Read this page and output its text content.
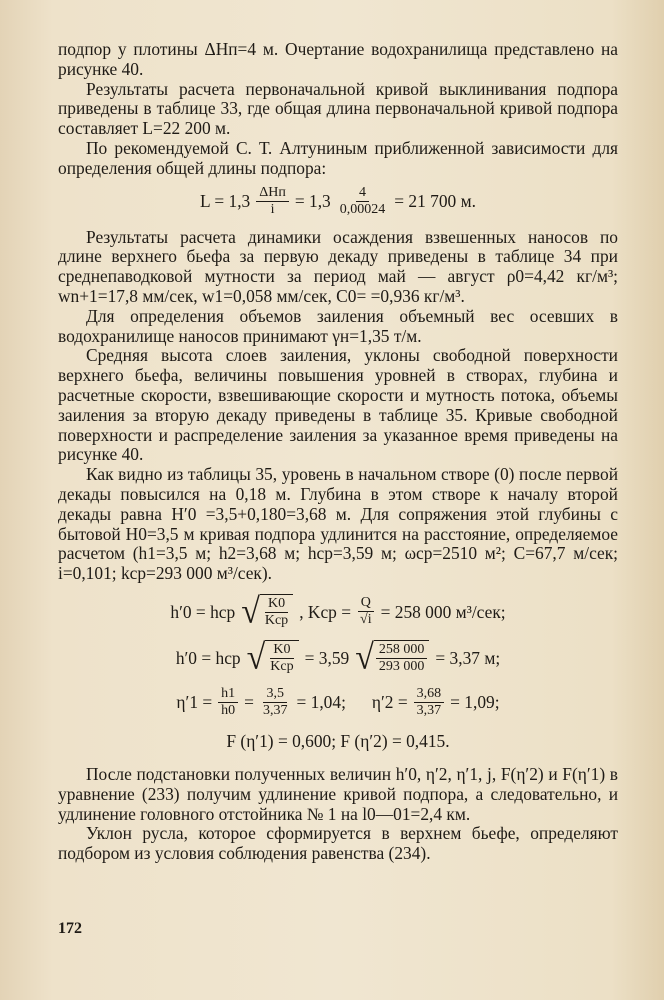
подпор у плотины ΔHп=4 м. Очертание водохранилища представлено на рисунке 40.

Результаты расчета первоначальной кривой выклинивания подпора приведены в таблице 33, где общая длина первоначальной кривой подпора составляет L=22 200 м.

По рекомендуемой С. Т. Алтуниным приближенной зависимости для определения общей длины подпора:

$L = 1,3 \frac{\text{ΔHп}}{i} = 1,3 \frac{4}{0,00024} = 21$ 700 м.

Результаты расчета динамики осаждения взвешенных наносов по длине верхнего бьефа за первую декаду приведены в таблице 34 при среднепаводковой мутности за период май — август ρ0=4,42 кг/м³; wn+1=17,8 мм/сек, w1=0,058 мм/сек, C0= =0,936 кг/м³.

Для определения объемов заиления объемный вес осевших в водохранилище наносов принимают γн=1,35 т/м.

Средняя высота слоев заиления, уклоны свободной поверхности верхнего бьефа, величины повышения уровней в створах, глубина и расчетные скорости, взвешивающие скорости и мутность потока, объемы заиления за вторую декаду приведены в таблице 35. Кривые свободной поверхности и распределение заиления за указанное время приведены на рисунке 40.

Как видно из таблицы 35, уровень в начальном створе (0) после первой декады повысился на 0,18 м. Глубина в этом створе к началу второй декады равна H′0 =3,5+0,180=3,68 м. Для сопряжения этой глубины с бытовой H0=3,5 м кривая подпора удлинится на расстояние, определяемое расчетом (h1=3,5 м; h2=3,68 м; hср=3,59 м; ωср=2510 м²; C=67,7 м/сек; i=0,101; kср=293 000 м³/сек).

h′0 = hср √ $\frac{K0}{\text{Kср}}$ , Kср = $\frac{Q}{√i} = 258$ 000 м³/сек;
h′0 = hср √ $\frac{K0}{\text{Kср}} = 3,59$ √ $\frac{258 000}{293 000} = 3,37$ м;
$\eta'1 = \frac{h1}{h0} = \frac{3,5}{3,37} = 1,04$; $\eta'2 = \frac{3,68}{3,37} = 1,09$;
F (η′1) = 0,600; F (η′2) = 0,415.

После подстановки полученных величин h′0, η′2, η′1, j, F(η′2) и F(η′1) в уравнение (233) получим удлинение кривой подпора, а следовательно, и удлинение головного отстойника № 1 на l0—01=2,4 км.

Уклон русла, которое сформируется в верхнем бьефе, определяют подбором из условия соблюдения равенства (234).

172
